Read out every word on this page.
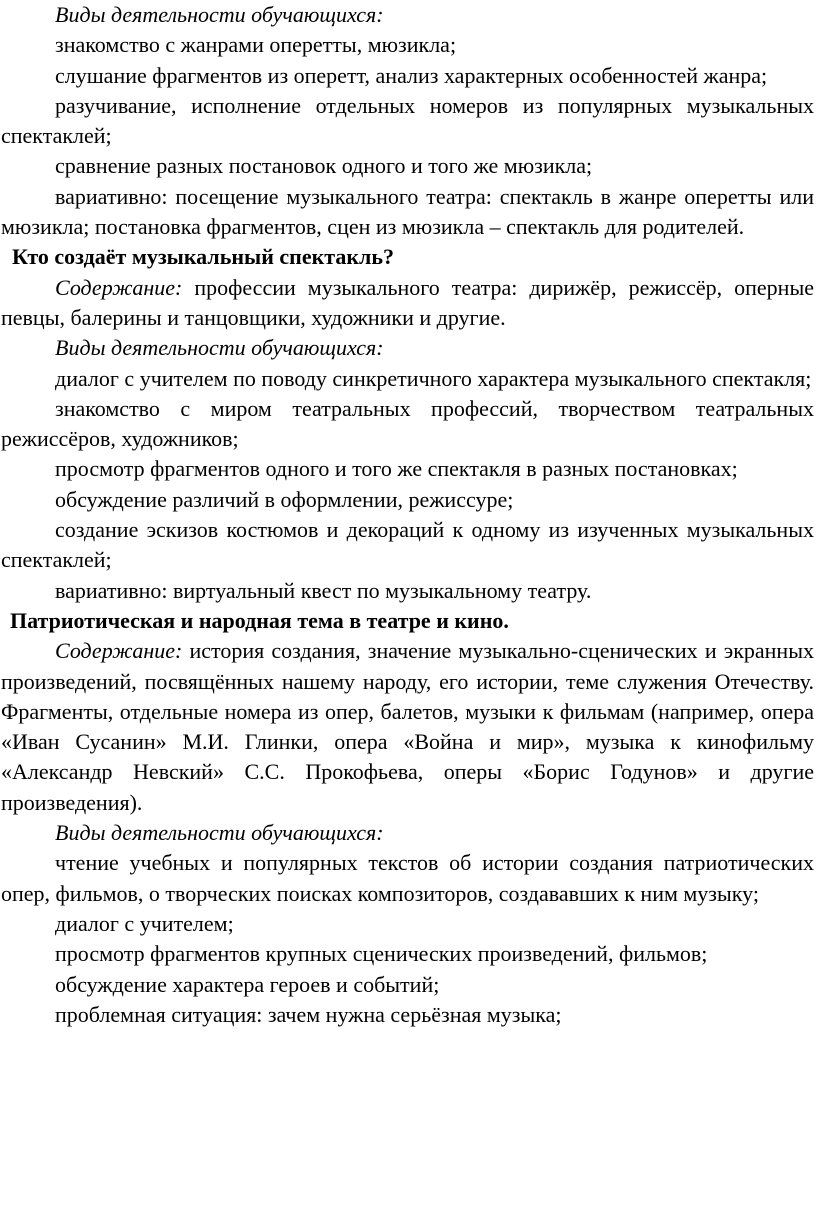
Виды деятельности обучающихся:

знакомство с жанрами оперетты, мюзикла;

слушание фрагментов из оперетт, анализ характерных особенностей жанра;

разучивание, исполнение отдельных номеров из популярных музыкальных спектаклей;

сравнение разных постановок одного и того же мюзикла;

вариативно: посещение музыкального театра: спектакль в жанре оперетты или мюзикла; постановка фрагментов, сцен из мюзикла – спектакль для родителей.

Кто создаёт музыкальный спектакль?

Содержание: профессии музыкального театра: дирижёр, режиссёр, оперные певцы, балерины и танцовщики, художники и другие.

Виды деятельности обучающихся:

диалог с учителем по поводу синкретичного характера музыкального спектакля;

знакомство с миром театральных профессий, творчеством театральных режиссёров, художников;

просмотр фрагментов одного и того же спектакля в разных постановках;

обсуждение различий в оформлении, режиссуре;

создание эскизов костюмов и декораций к одному из изученных музыкальных спектаклей;

вариативно: виртуальный квест по музыкальному театру.

Патриотическая и народная тема в театре и кино.

Содержание: история создания, значение музыкально-сценических и экранных произведений, посвящённых нашему народу, его истории, теме служения Отечеству. Фрагменты, отдельные номера из опер, балетов, музыки к фильмам (например, опера «Иван Сусанин» М.И. Глинки, опера «Война и мир», музыка к кинофильму «Александр Невский» С.С. Прокофьева, оперы «Борис Годунов» и другие произведения).

Виды деятельности обучающихся:

чтение учебных и популярных текстов об истории создания патриотических опер, фильмов, о творческих поисках композиторов, создававших к ним музыку;

диалог с учителем;

просмотр фрагментов крупных сценических произведений, фильмов;

обсуждение характера героев и событий;

проблемная ситуация: зачем нужна серьёзная музыка;
